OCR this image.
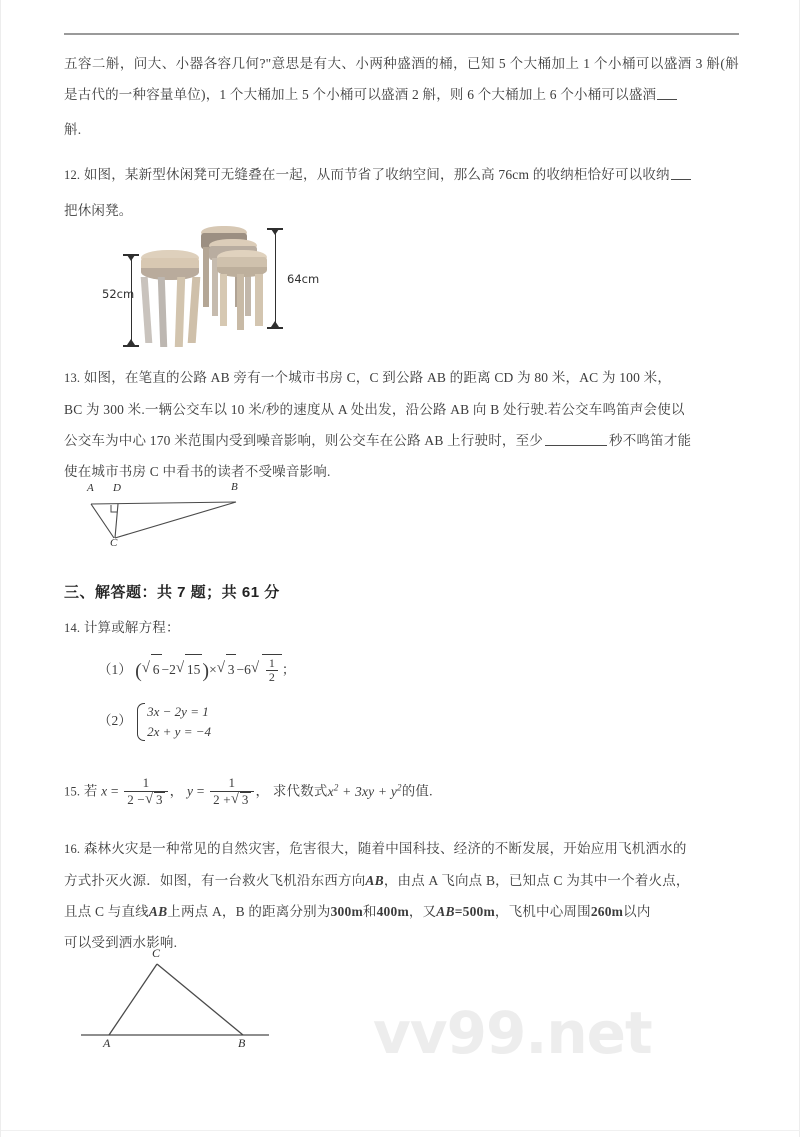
五容二斛，问大、小器各容几何?"意思是有大、小两种盛酒的桶，已知 5 个大桶加上 1 个小桶可以盛酒 3 斛(斛是古代的一种容量单位)，1 个大桶加上 5 个小桶可以盛酒 2 斛，则 6 个大桶加上 6 个小桶可以盛酒

斛.

12. 如图，某新型休闲凳可无缝叠在一起，从而节省了收纳空间，那么高 76cm 的收纳柜恰好可以收纳

把休闲凳。

13. 如图，在笔直的公路 AB 旁有一个城市书房 C，C 到公路 AB 的距离 CD 为 80 米，AC 为 100 米，

BC 为 300 米.一辆公交车以 10 米/秒的速度从 A 处出发，沿公路 AB 向 B 处行驶.若公交车鸣笛声会使以

公交车为中心 170 米范围内受到噪音影响，则公交车在公路 AB 上行驶时，至少	秒不鸣笛才能

使在城市书房 C 中看书的读者不受噪音影响.

三、解答题：共 7 题；共 61 分

14. 计算或解方程：

（1） ( √ 6 −2 √ 15 )× √ 3 −6 √ $\frac{1}{2}$ ；
（2）
3x − 2y = 1
2x + y = −4

15. 若 $x = \frac{1}{2 - √ 3}$ ， $y = \frac{1}{2 + √ 3}$ ， 求代数式$x^2 + 3xy + y^2$的值.

16. 森林火灾是一种常见的自然灾害，危害很大，随着中国科技、经济的不断发展，开始应用飞机洒水的

方式扑灭火源．如图，有一台救火飞机沿东西方向AB，由点 A 飞向点 B，已知点 C 为其中一个着火点，

且点 C 与直线AB上两点 A，B 的距离分别为300m和400m，又AB=500m，飞机中心周围260m以内

可以受到洒水影响.

52cm
64cm
A D	B
C
C
A	B vv99.net
